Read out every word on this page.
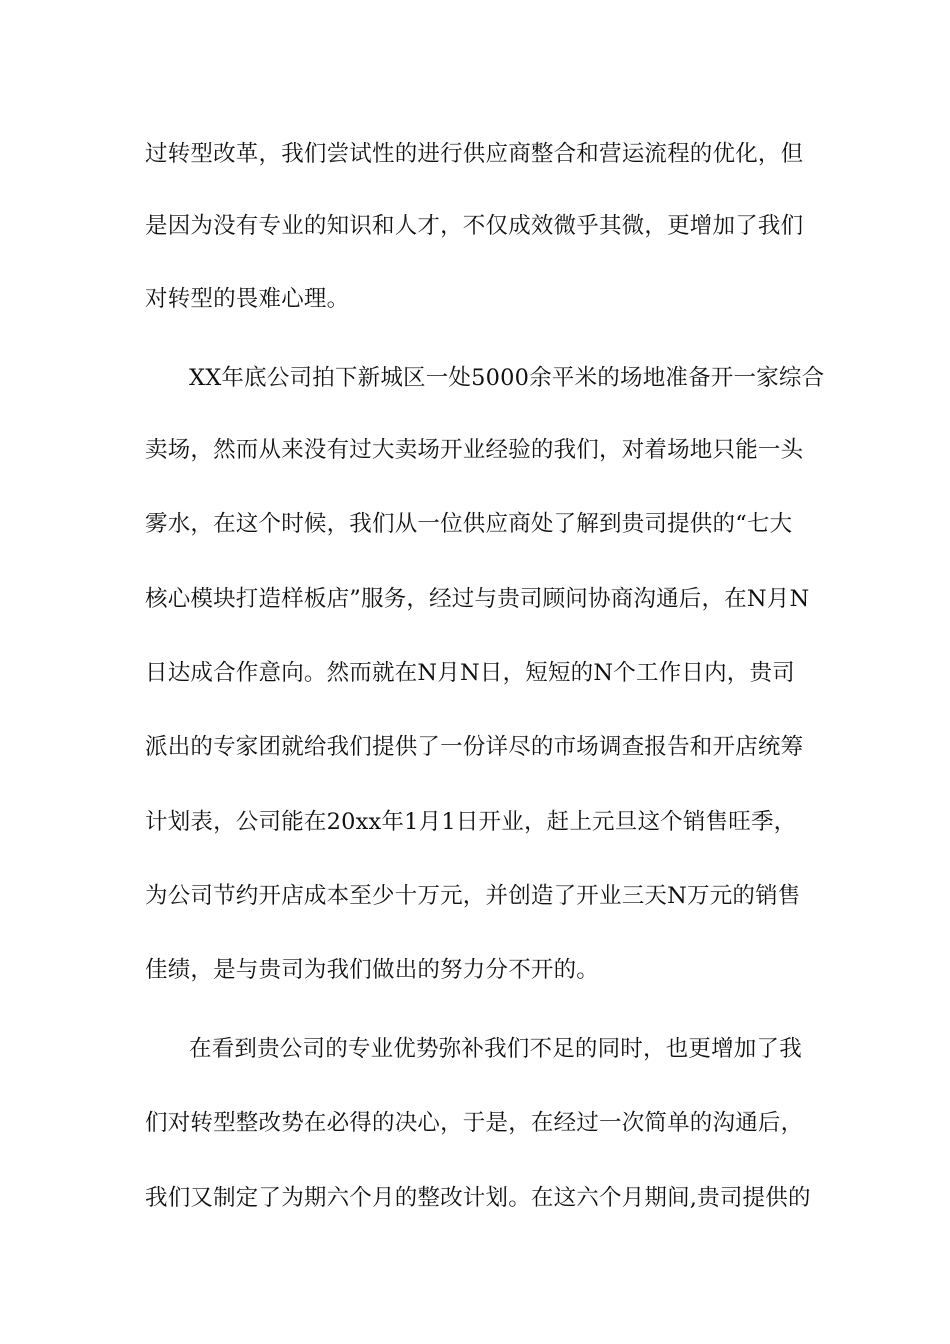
过转型改革，我们尝试性的进行供应商整合和营运流程的优化，但
是因为没有专业的知识和人才，不仅成效微乎其微，更增加了我们
对转型的畏难心理。
XX年底公司拍下新城区一处5000余平米的场地准备开一家综合
卖场，然而从来没有过大卖场开业经验的我们，对着场地只能一头
雾水，在这个时候，我们从一位供应商处了解到贵司提供的“七大
核心模块打造样板店”服务，经过与贵司顾问协商沟通后，在N月N
日达成合作意向。然而就在N月N日，短短的N个工作日内，贵司
派出的专家团就给我们提供了一份详尽的市场调查报告和开店统筹
计划表，公司能在20xx年1月1日开业，赶上元旦这个销售旺季，
为公司节约开店成本至少十万元，并创造了开业三天N万元的销售
佳绩，是与贵司为我们做出的努力分不开的。
在看到贵公司的专业优势弥补我们不足的同时，也更增加了我
们对转型整改势在必得的决心，于是，在经过一次简单的沟通后，
我们又制定了为期六个月的整改计划。在这六个月期间,贵司提供的
